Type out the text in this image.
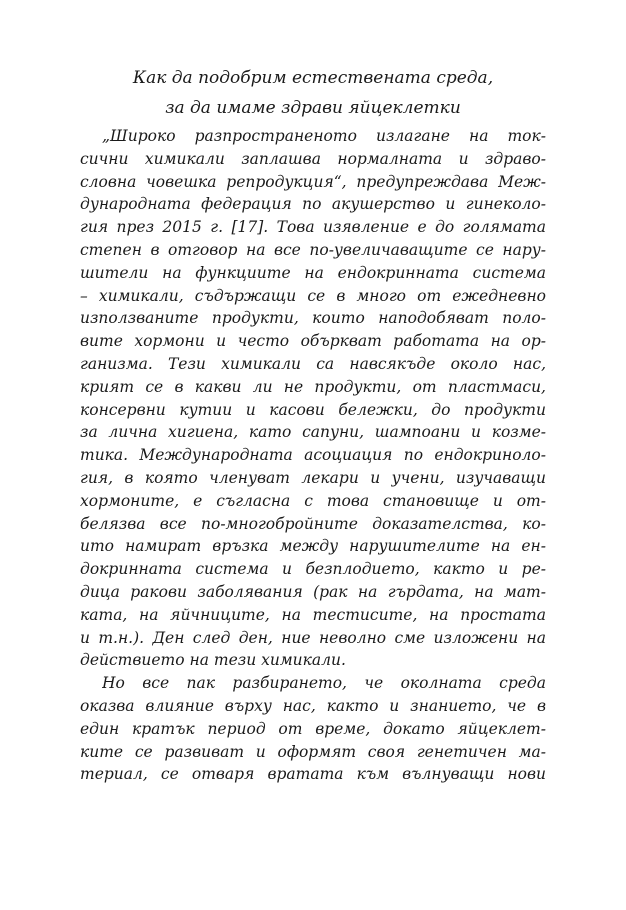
Как да подобрим естествената среда,
за да имаме здрави яйцеклетки
„Широко разпространеното излагане на ток-
сични химикали заплашва нормалната и здраво-
словна човешка репродукция“, предупреждава Меж-
дународната федерация по акушерство и гинеколо-
гия през 2015 г. [17]. Това изявление е до голямата
степен в отговор на все по-увеличаващите се нару-
шители на функциите на ендокринната система
– химикали, съдържащи се в много от ежедневно
използваните продукти, които наподобяват поло-
вите хормони и често объркват работата на ор-
ганизма. Тези химикали са навсякъде около нас,
крият се в какви ли не продукти, от пластмаси,
консервни кутии и касови бележки, до продукти
за лична хигиена, като сапуни, шампоани и козме-
тика. Международната асоциация по ендокриноло-
гия, в която членуват лекари и учени, изучаващи
хормоните, е съгласна с това становище и от-
белязва все по-многобройните доказателства, ко-
ито намират връзка между нарушителите на ен-
докринната система и безплодието, както и ре-
дица ракови заболявания (рак на гърдата, на мат-
ката, на яйчниците, на тестисите, на простата
и т.н.). Ден след ден, ние неволно сме изложени на
действието на тези химикали.
Но все пак разбирането, че околната среда
оказва влияние върху нас, както и знанието, че в
един кратък период от време, докато яйцеклет-
ките се развиват и оформят своя генетичен ма-
териал, се отваря вратата към вълнуващи нови
